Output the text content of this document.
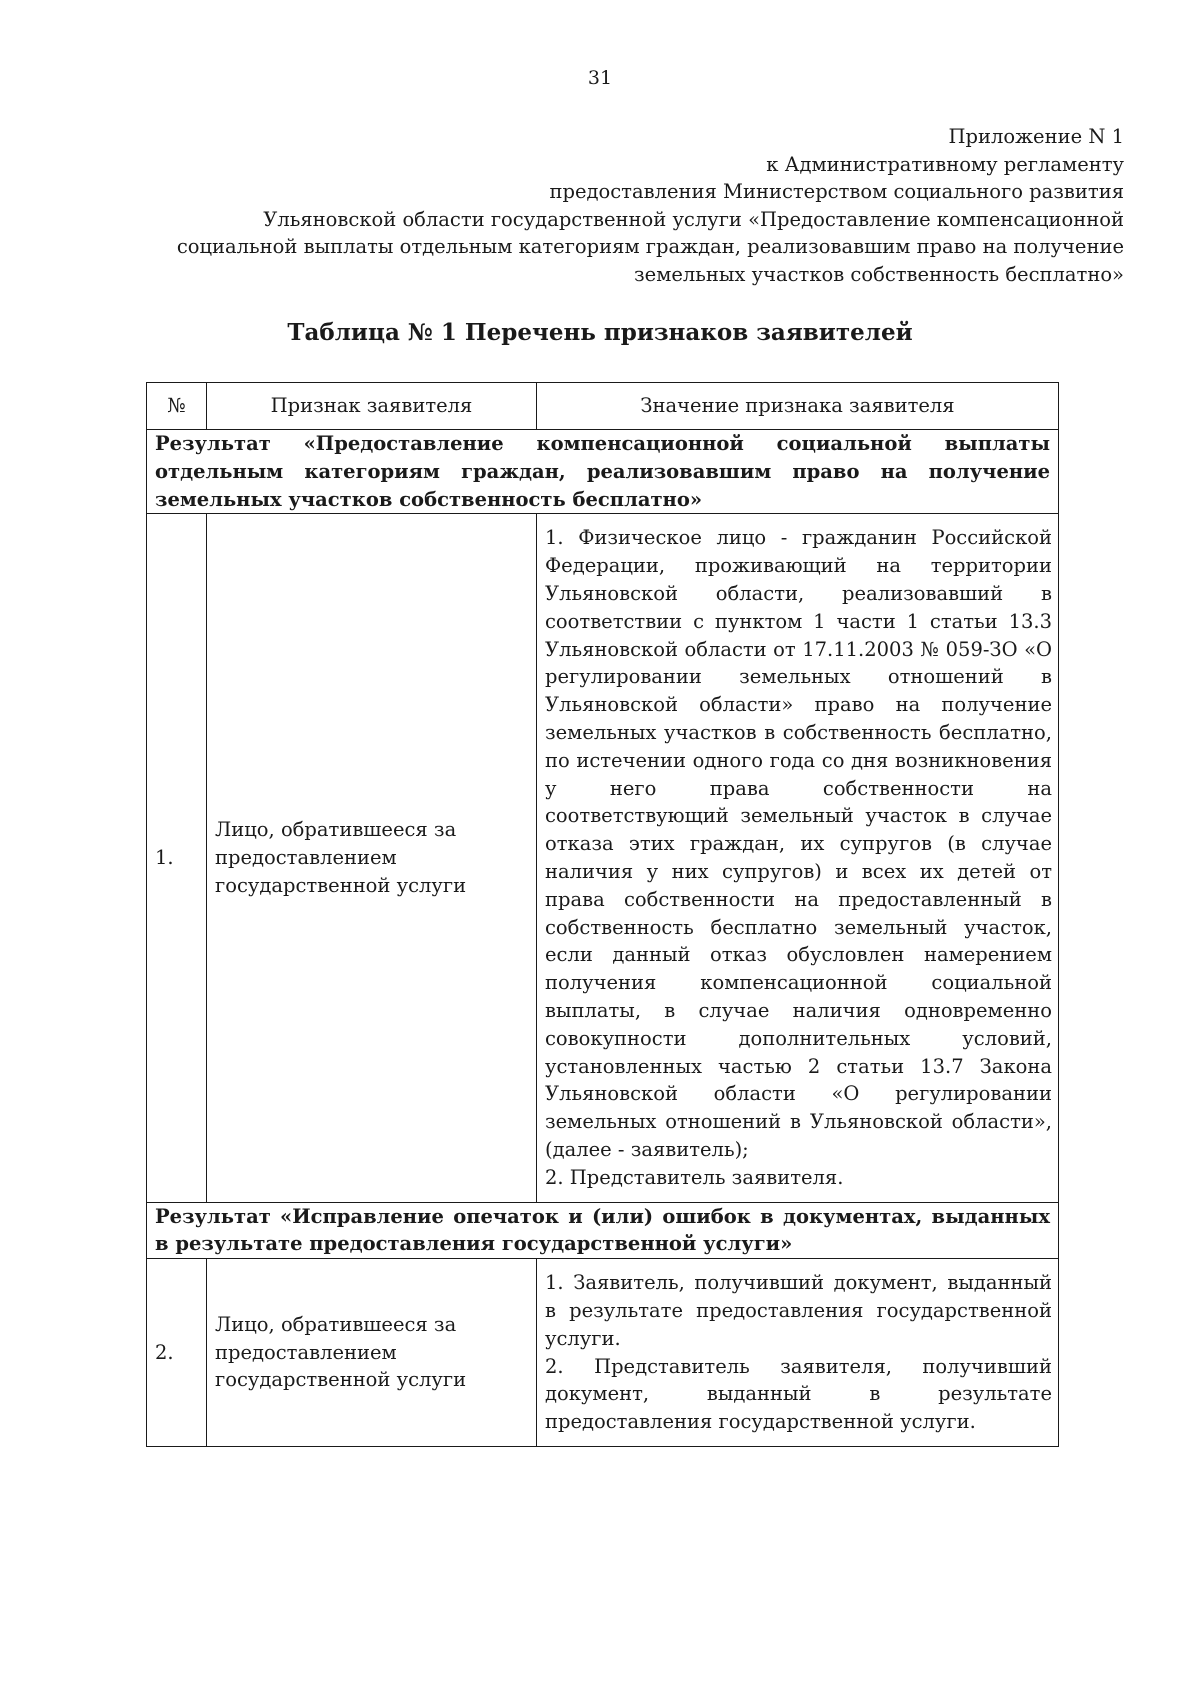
31
Приложение N 1
к Административному регламенту
предоставления Министерством социального развития
Ульяновской области государственной услуги «Предоставление компенсационной
социальной выплаты отдельным категориям граждан, реализовавшим право на получение
земельных участков собственность бесплатно»
Таблица № 1 Перечень признаков заявителей
№	Признак заявителя	Значение признака заявителя
Результат «Предоставление компенсационной социальной выплаты отдельным категориям граждан, реализовавшим право на получение земельных участков собственность бесплатно»		
1.	Лицо, обратившееся за предоставлением государственной услуги	1. Физическое лицо - гражданин Российской Федерации, проживающий на территории Ульяновской области, реализовавший в соответствии с пунктом 1 части 1 статьи 13.3 Ульяновской области от 17.11.2003 № 059-ЗО «О регулировании земельных отношений в Ульяновской области» право на получение земельных участков в собственность бесплатно, по истечении одного года со дня возникновения у него права собственности на соответствующий земельный участок в случае отказа этих граждан, их супругов (в случае наличия у них супругов) и всех их детей от права собственности на предоставленный в собственность бесплатно земельный участок, если данный отказ обусловлен намерением получения компенсационной социальной выплаты, в случае наличия одновременно совокупности дополнительных условий, установленных частью 2 статьи 13.7 Закона Ульяновской области «О регулировании земельных отношений в Ульяновской области», (далее - заявитель);
2. Представитель заявителя.

Результат «Исправление опечаток и (или) ошибок в документах, выданных в результате предоставления государственной услуги»		
2.	Лицо, обратившееся за предоставлением государственной услуги	1. Заявитель, получивший документ, выданный в результате предоставления государственной услуги.
2. Представитель заявителя, получивший документ, выданный в результате предоставления государственной услуги.
